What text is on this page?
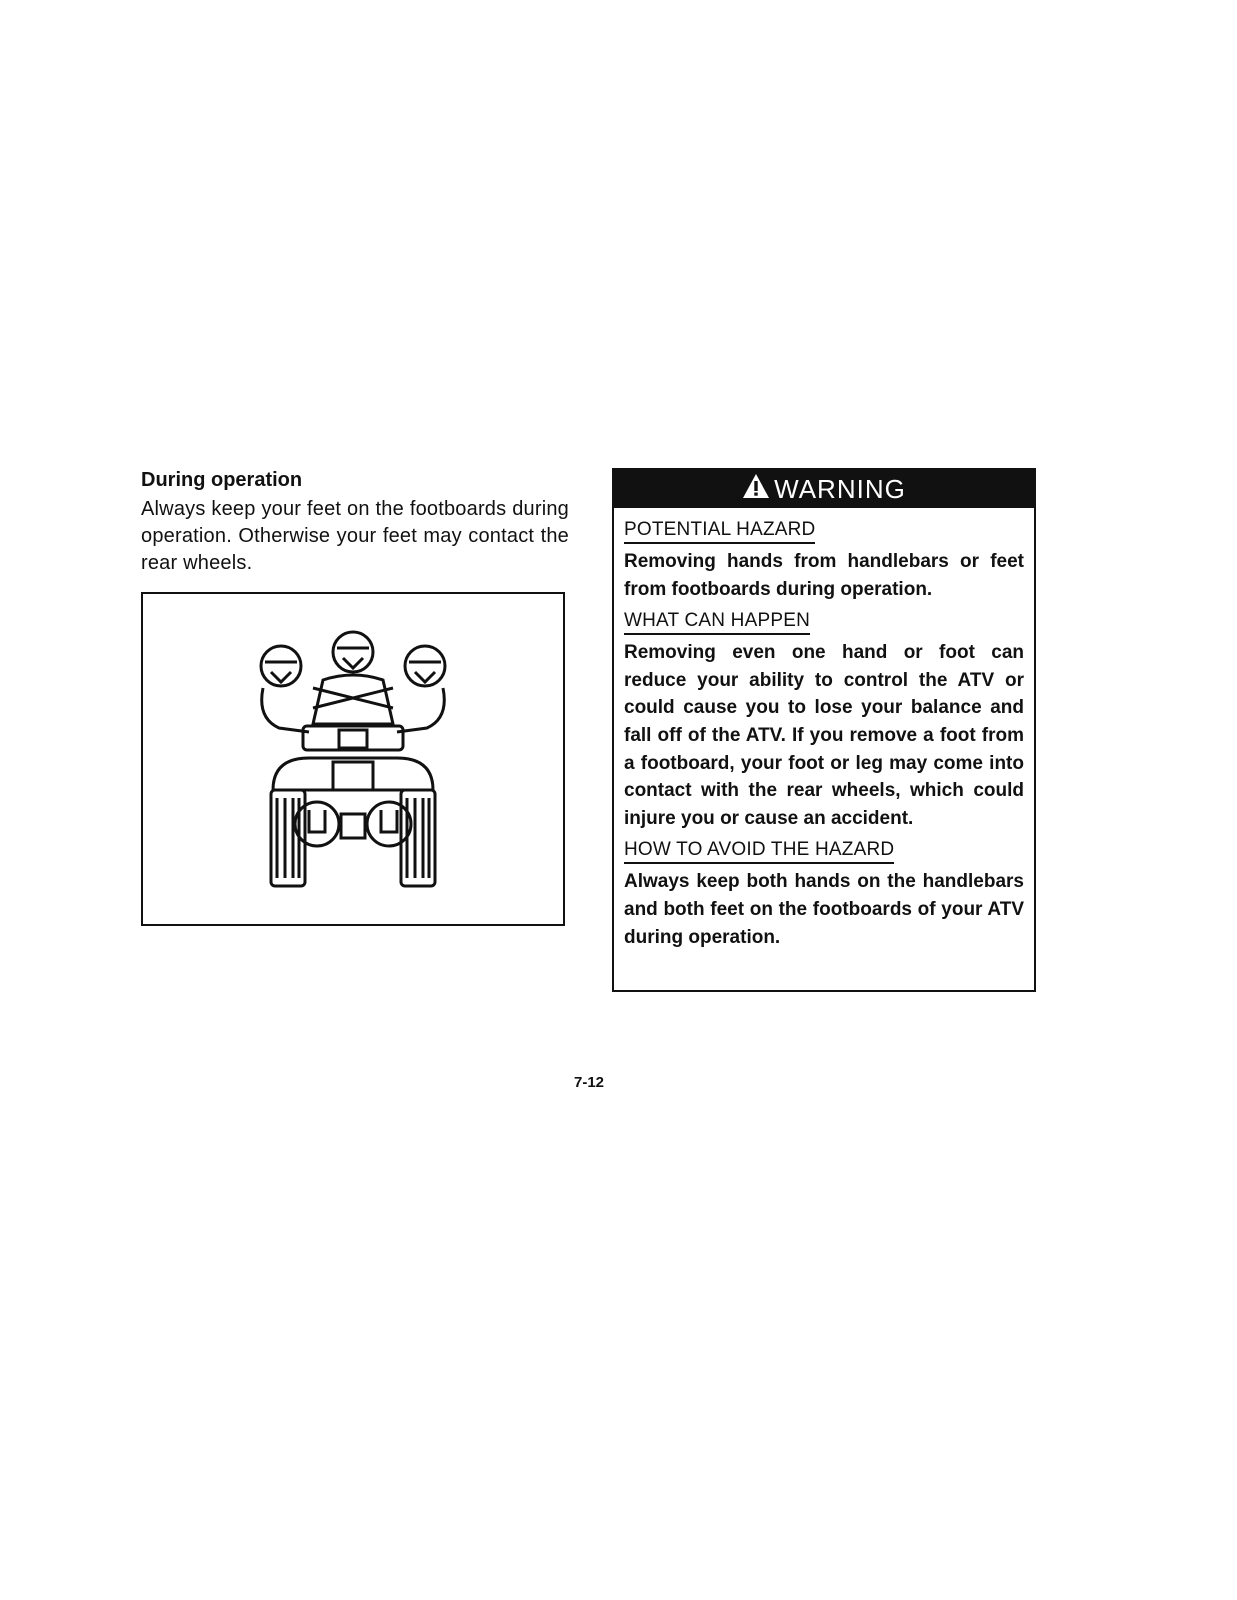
During operation

Always keep your feet on the footboards during operation. Otherwise your feet may contact the rear wheels.

WARNING
POTENTIAL HAZARD

Removing hands from handlebars or feet from footboards during operation.

WHAT CAN HAPPEN

Removing even one hand or foot can reduce your ability to control the ATV or could cause you to lose your balance and fall off of the ATV. If you remove a foot from a footboard, your foot or leg may come into contact with the rear wheels, which could injure you or cause an accident.

HOW TO AVOID THE HAZARD

Always keep both hands on the handlebars and both feet on the footboards of your ATV during operation.

7-12
